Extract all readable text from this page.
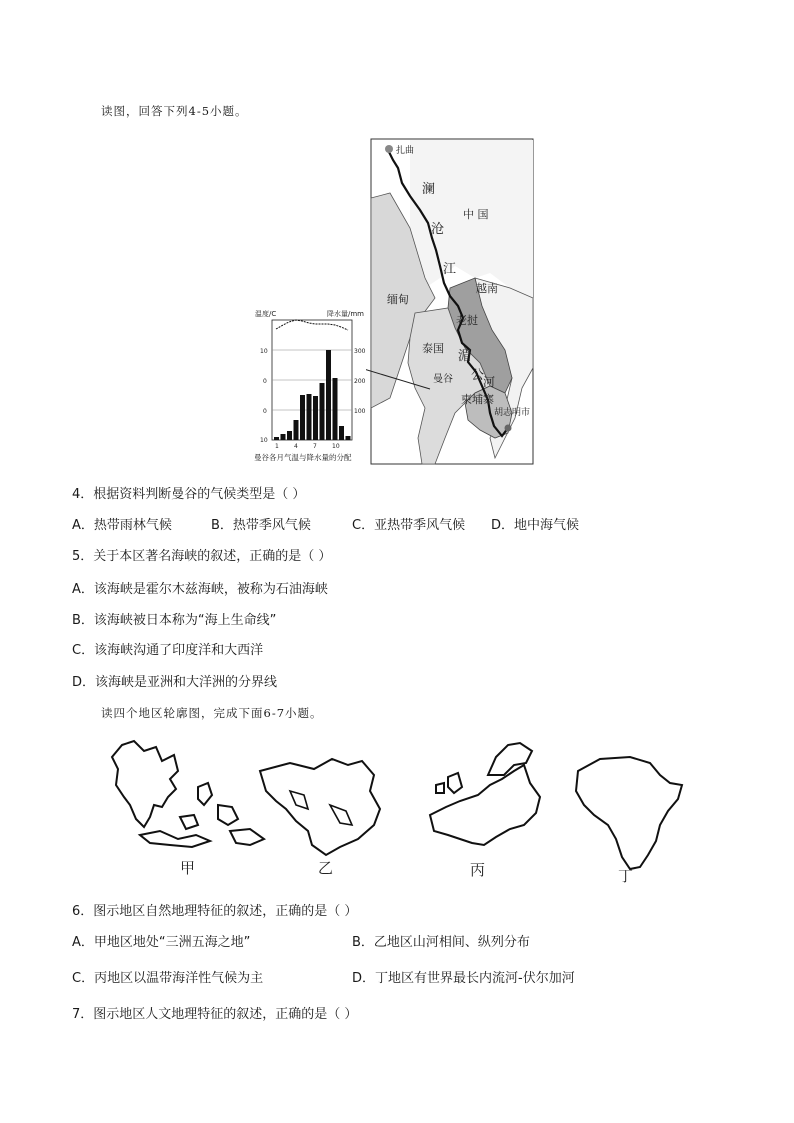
读图，回答下列4-5小题。
扎曲
澜
沧
江
中 国
缅甸
越南
老挝
泰国
湄
公
河
曼谷
柬埔寨
胡志明市
温度/C	降水量/mm
10
0
0
10
300
200
100
1	4	7	10
曼谷各月气温与降水量的分配
4．根据资料判断曼谷的气候类型是（ ）
A．热带雨林气候	B．热带季风气候	C．亚热带季风气候 D．地中海气候
5．关于本区著名海峡的叙述，正确的是（ ）
A．该海峡是霍尔木兹海峡，被称为石油海峡
B．该海峡被日本称为“海上生命线”
C．该海峡沟通了印度洋和大西洋
D．该海峡是亚洲和大洋洲的分界线
读四个地区轮廓图，完成下面6-7小题。
甲	乙	丙	丁
6．图示地区自然地理特征的叙述，正确的是（ ）
A．甲地区地处“三洲五海之地”	B．乙地区山河相间、纵列分布
C．丙地区以温带海洋性气候为主	D．丁地区有世界最长内流河-伏尔加河
7．图示地区人文地理特征的叙述，正确的是（ ）
